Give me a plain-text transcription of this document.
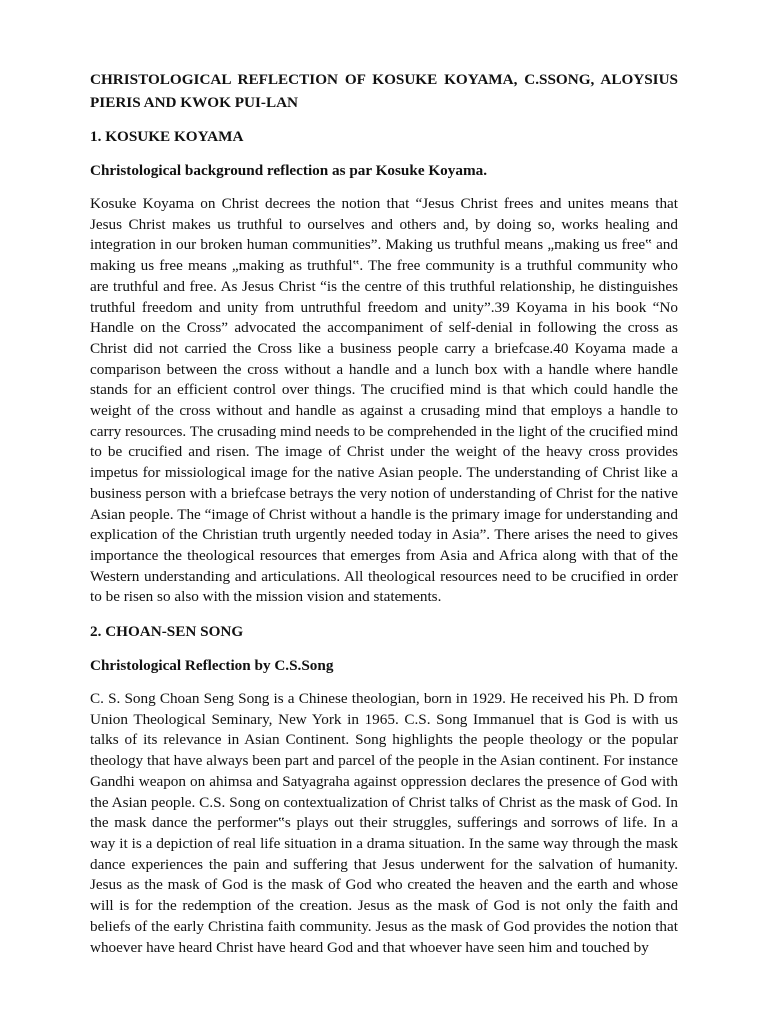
CHRISTOLOGICAL REFLECTION OF KOSUKE KOYAMA, C.SSONG, ALOYSIUS PIERIS AND KWOK PUI-LAN
1. KOSUKE KOYAMA
Christological background reflection as par Kosuke Koyama.

Kosuke Koyama on Christ decrees the notion that “Jesus Christ frees and unites means that Jesus Christ makes us truthful to ourselves and others and, by doing so, works healing and integration in our broken human communities”. Making us truthful means „making us free‟ and making us free means „making as truthful‟. The free community is a truthful community who are truthful and free. As Jesus Christ “is the centre of this truthful relationship, he distinguishes truthful freedom and unity from untruthful freedom and unity”.39 Koyama in his book “No Handle on the Cross” advocated the accompaniment of self-denial in following the cross as Christ did not carried the Cross like a business people carry a briefcase.40 Koyama made a comparison between the cross without a handle and a lunch box with a handle where handle stands for an efficient control over things. The crucified mind is that which could handle the weight of the cross without and handle as against a crusading mind that employs a handle to carry resources. The crusading mind needs to be comprehended in the light of the crucified mind to be crucified and risen. The image of Christ under the weight of the heavy cross provides impetus for missiological image for the native Asian people. The understanding of Christ like a business person with a briefcase betrays the very notion of understanding of Christ for the native Asian people. The “image of Christ without a handle is the primary image for understanding and explication of the Christian truth urgently needed today in Asia”. There arises the need to gives importance the theological resources that emerges from Asia and Africa along with that of the Western understanding and articulations. All theological resources need to be crucified in order to be risen so also with the mission vision and statements.

2. CHOAN-SEN SONG
Christological Reflection by C.S.Song

C. S. Song Choan Seng Song is a Chinese theologian, born in 1929. He received his Ph. D from Union Theological Seminary, New York in 1965. C.S. Song Immanuel that is God is with us talks of its relevance in Asian Continent. Song highlights the people theology or the popular theology that have always been part and parcel of the people in the Asian continent. For instance Gandhi weapon on ahimsa and Satyagraha against oppression declares the presence of God with the Asian people. C.S. Song on contextualization of Christ talks of Christ as the mask of God. In the mask dance the performer‟s plays out their struggles, sufferings and sorrows of life. In a way it is a depiction of real life situation in a drama situation. In the same way through the mask dance experiences the pain and suffering that Jesus underwent for the salvation of humanity. Jesus as the mask of God is the mask of God who created the heaven and the earth and whose will is for the redemption of the creation. Jesus as the mask of God is not only the faith and beliefs of the early Christina faith community. Jesus as the mask of God provides the notion that whoever have heard Christ have heard God and that whoever have seen him and touched by
